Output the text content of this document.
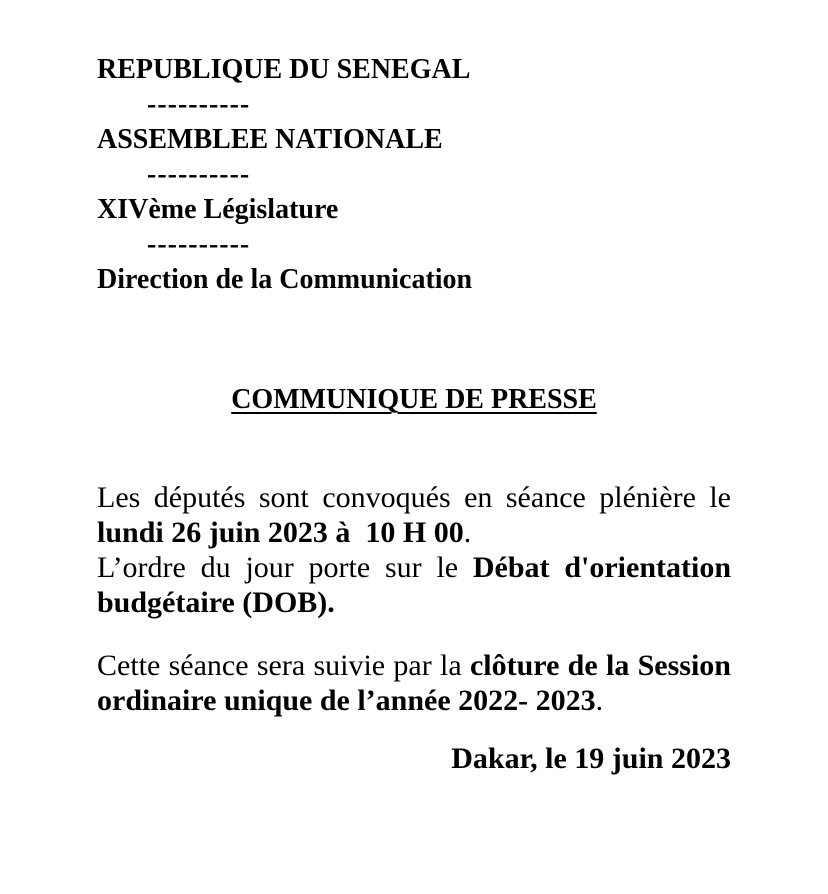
REPUBLIQUE DU SENEGAL
----------
ASSEMBLEE NATIONALE
----------
XIVème Législature
----------
Direction de la Communication
COMMUNIQUE DE PRESSE
Les députés sont convoqués en séance plénière le
lundi 26 juin 2023 à  10 H 00.
L’ordre du jour porte sur le Débat d'orientation
budgétaire (DOB).
Cette séance sera suivie par la clôture de la Session
ordinaire unique de l’année 2022- 2023.
Dakar, le 19 juin 2023
